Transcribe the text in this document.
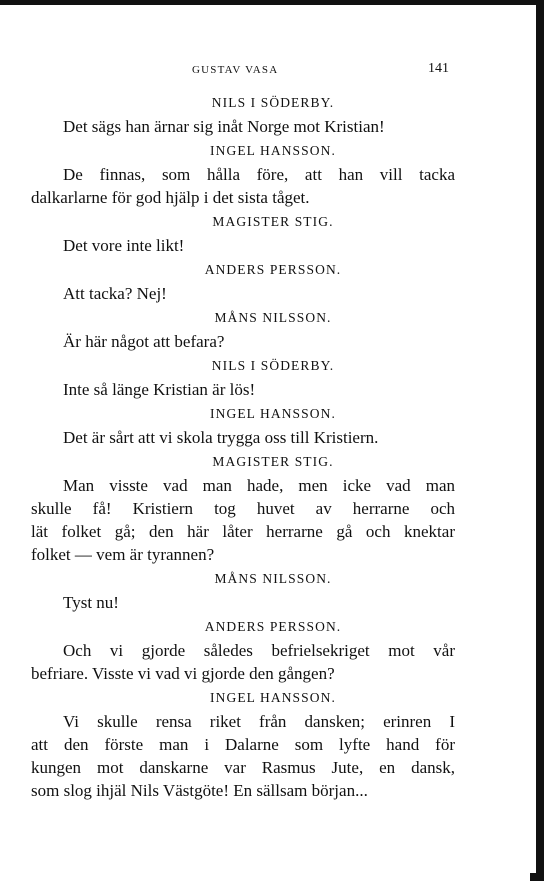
GUSTAV VASA	141
NILS I SÖDERBY.
Det sägs han ärnar sig inåt Norge mot Kristian!
INGEL HANSSON.
De finnas, som hålla före, att han vill tacka
dalkarlarne för god hjälp i det sista tåget.
MAGISTER STIG.
Det vore inte likt!
ANDERS PERSSON.
Att tacka? Nej!
MÅNS NILSSON.
Är här något att befara?
NILS I SÖDERBY.
Inte så länge Kristian är lös!
INGEL HANSSON.
Det är sårt att vi skola trygga oss till Kristiern.
MAGISTER STIG.
Man visste vad man hade, men icke vad man
skulle få! Kristiern tog huvet av herrarne och
lät folket gå; den här låter herrarne gå och knektar
folket — vem är tyrannen?
MÅNS NILSSON.
Tyst nu!
ANDERS PERSSON.
Och vi gjorde således befrielsekriget mot vår
befriare. Visste vi vad vi gjorde den gången?
INGEL HANSSON.
Vi skulle rensa riket från dansken; erinren I
att den förste man i Dalarne som lyfte hand för
kungen mot danskarne var Rasmus Jute, en dansk,
som slog ihjäl Nils Västgöte! En sällsam början...
